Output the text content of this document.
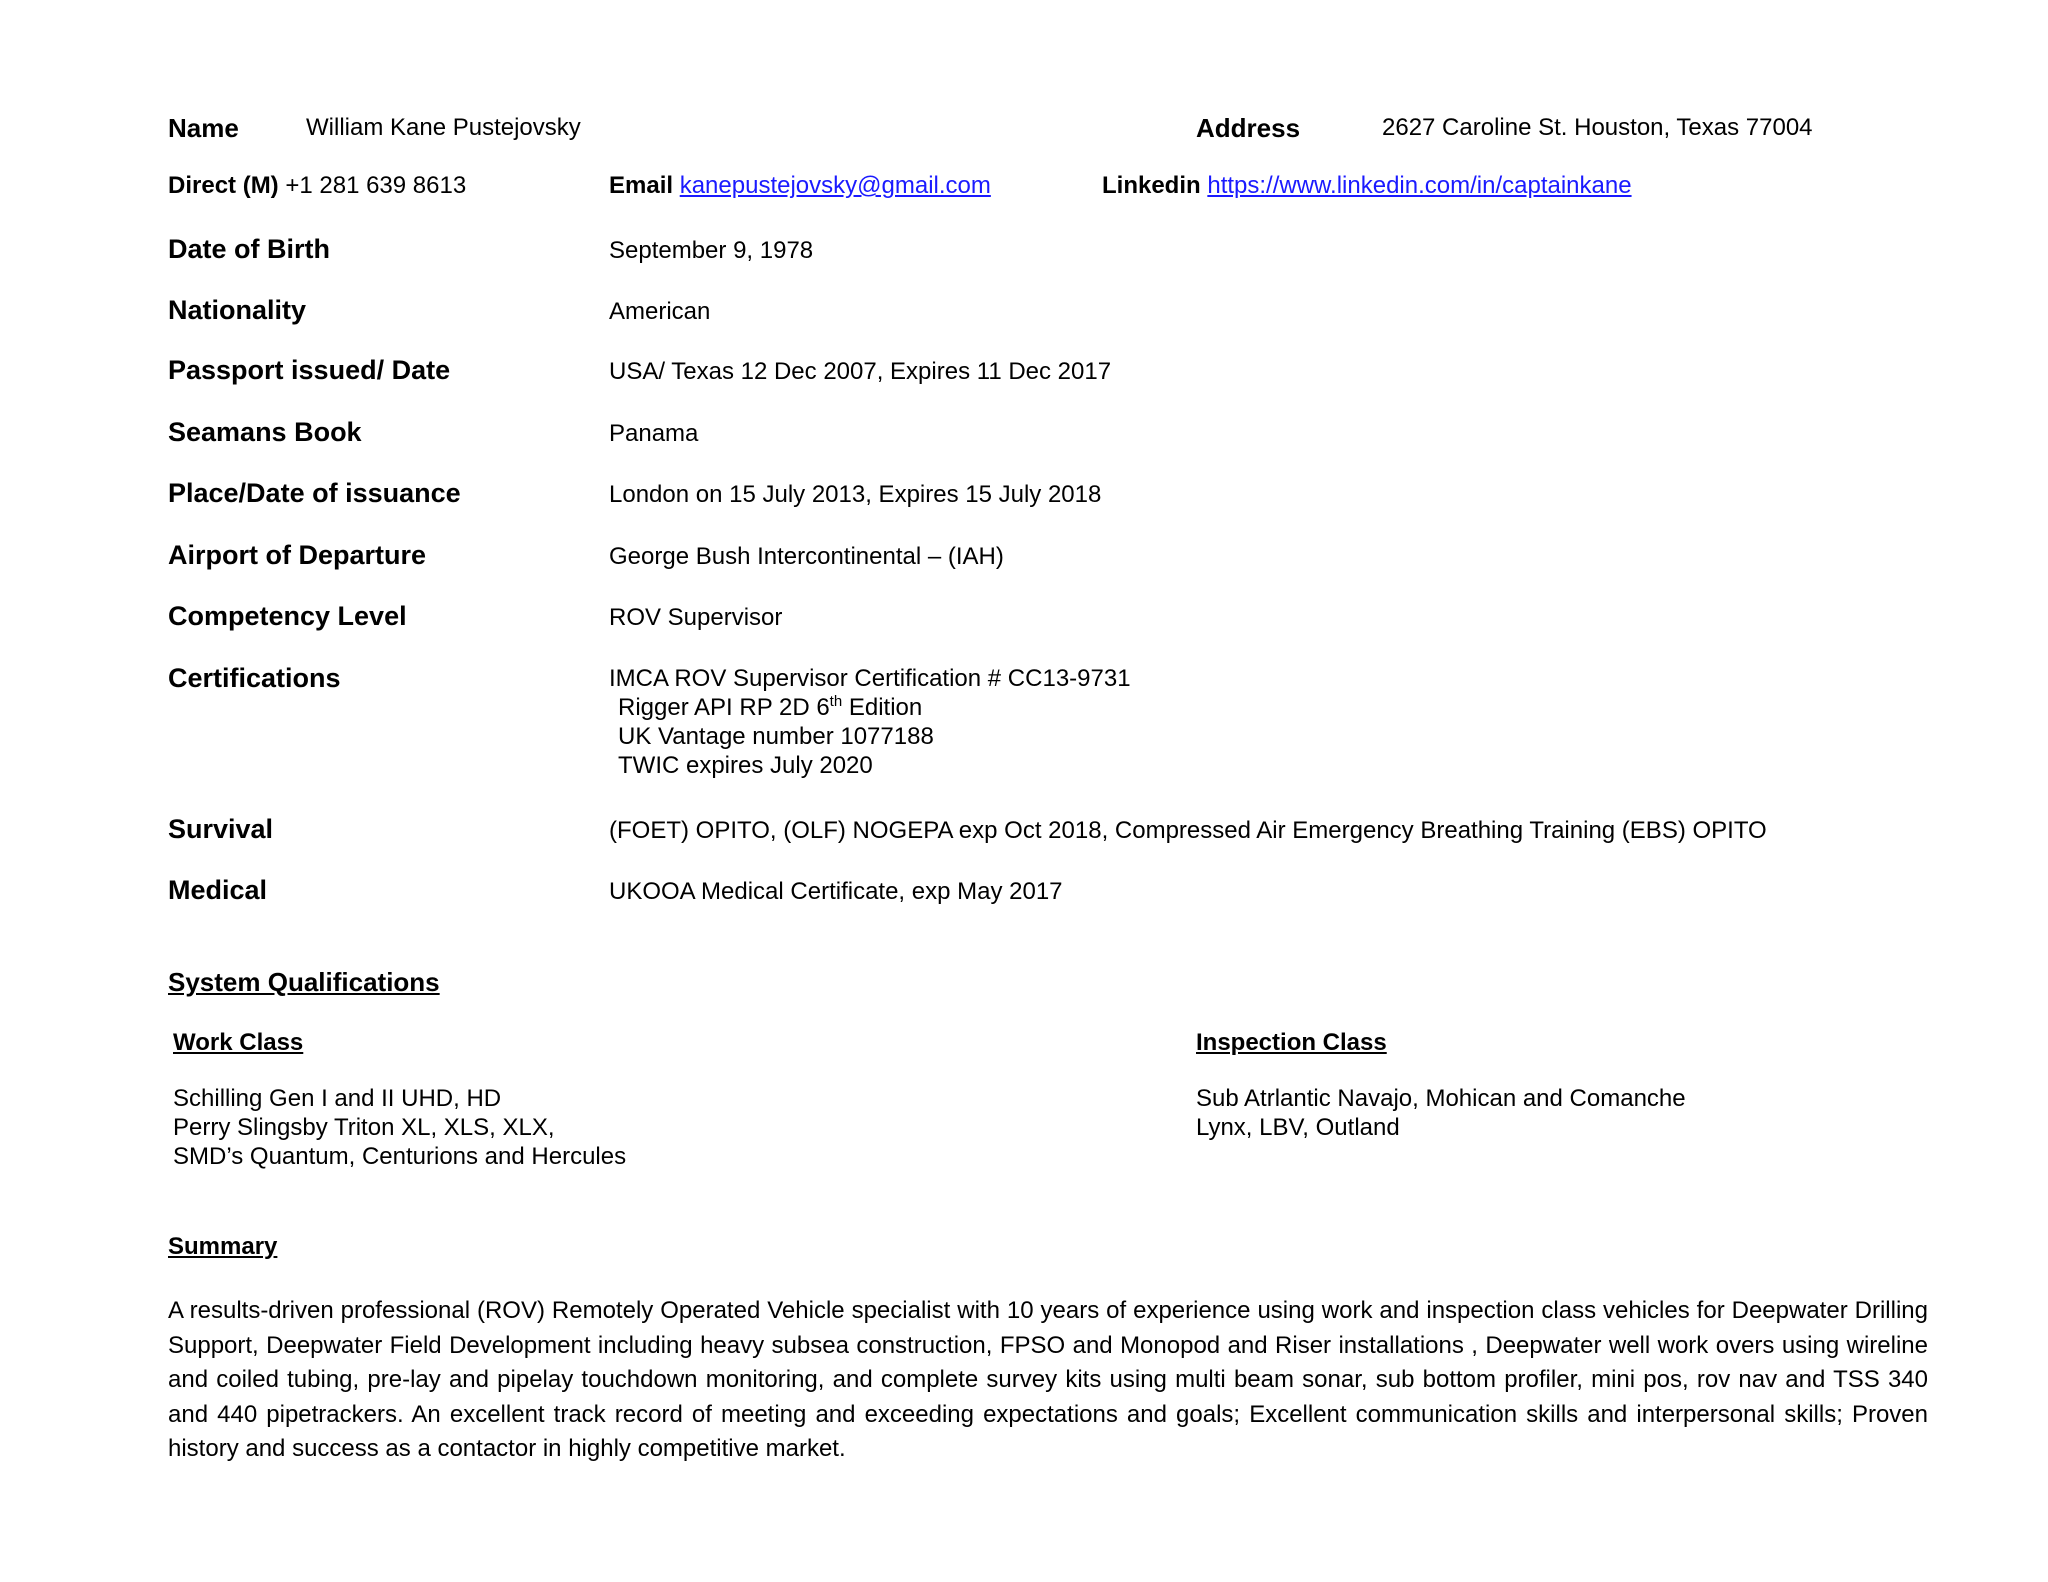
Name	William Kane Pustejovsky	Address	2627 Caroline St. Houston, Texas 77004
Direct (M) +1 281 639 8613	Email kanepustejovsky@gmail.com	Linkedin https://www.linkedin.com/in/captainkane
Date of Birth	September 9, 1978
Nationality	American
Passport issued/ Date	USA/ Texas 12 Dec 2007, Expires 11 Dec 2017
Seamans Book	Panama
Place/Date of issuance	London on 15 July 2013, Expires 15 July 2018
Airport of Departure	George Bush Intercontinental – (IAH)
Competency Level	ROV Supervisor
Certifications	IMCA ROV Supervisor Certification # CC13-9731
Rigger API RP 2D 6th Edition
UK Vantage number 1077188
TWIC expires July 2020
Survival	(FOET) OPITO, (OLF) NOGEPA exp Oct 2018, Compressed Air Emergency Breathing Training (EBS) OPITO
Medical	UKOOA Medical Certificate, exp May 2017
System Qualifications
Work Class
Schilling Gen I and II UHD, HD
Perry Slingsby Triton XL, XLS, XLX,
SMD’s Quantum, Centurions and Hercules
Inspection Class
Sub Atrlantic Navajo, Mohican and Comanche
Lynx, LBV, Outland
Summary
A results-driven professional (ROV) Remotely Operated Vehicle specialist with 10 years of experience using work and inspection class vehicles for Deepwater Drilling Support, Deepwater Field Development including heavy subsea construction, FPSO and Monopod and Riser installations , Deepwater well work overs using wireline and coiled tubing, pre-lay and pipelay touchdown monitoring, and complete survey kits using multi beam sonar, sub bottom profiler, mini pos, rov nav and TSS 340 and 440 pipetrackers. An excellent track record of meeting and exceeding expectations and goals; Excellent communication skills and interpersonal skills; Proven history and success as a contactor in highly competitive market.
